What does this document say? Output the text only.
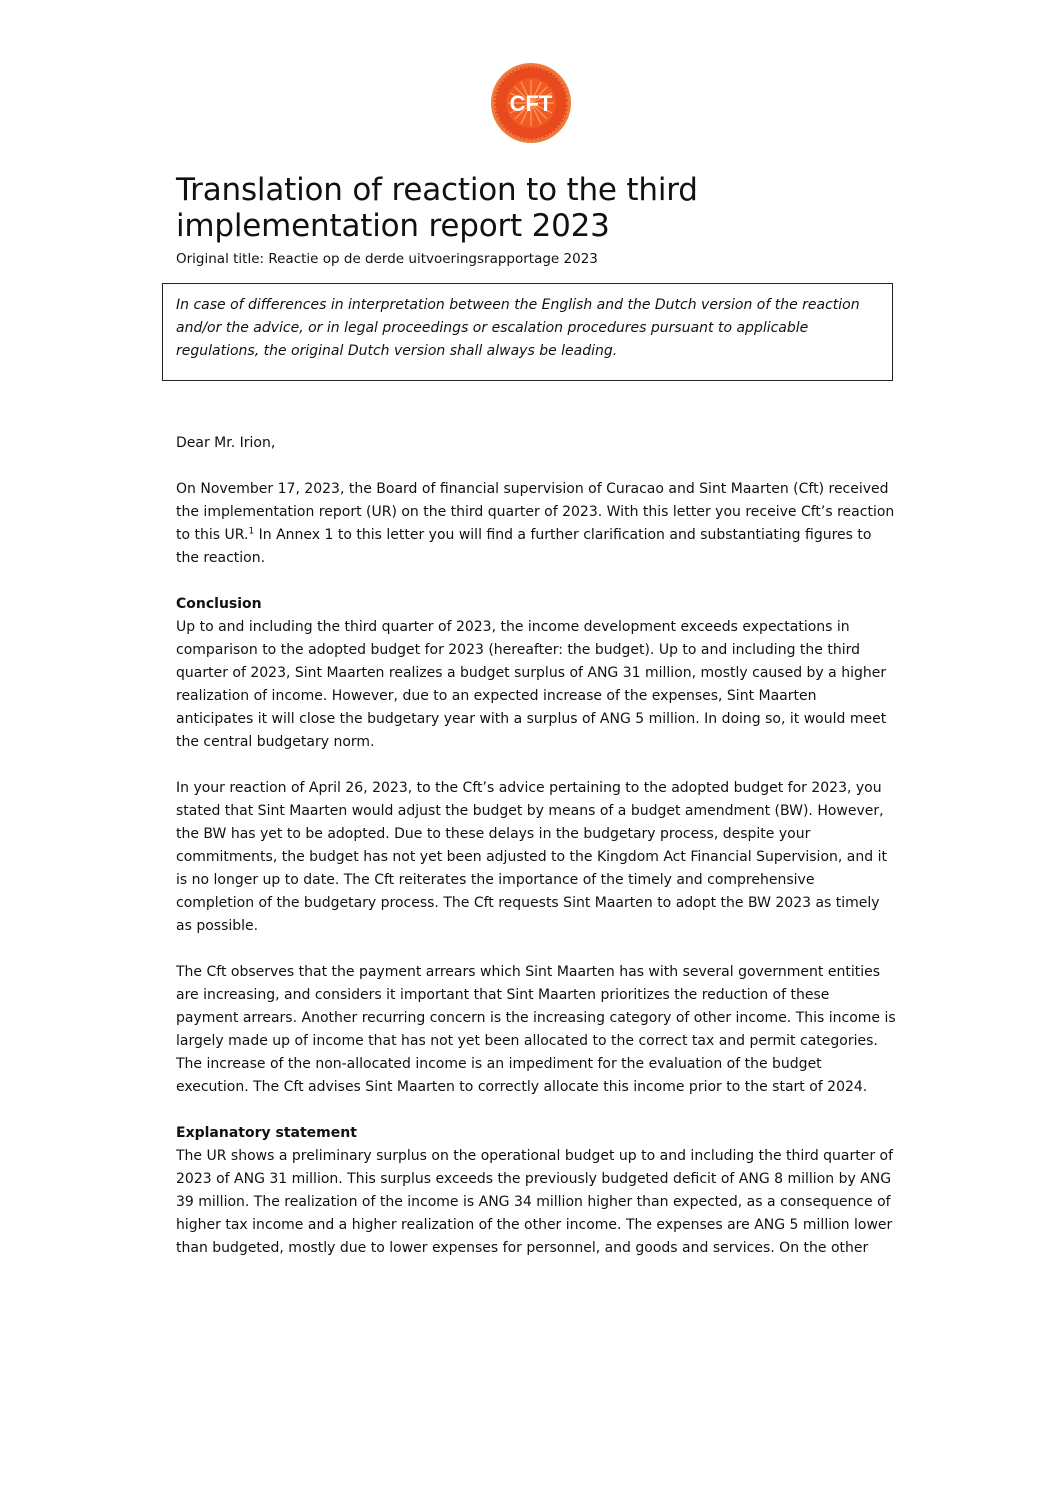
CFT
Translation of reaction to the third implementation report 2023
Original title: Reactie op de derde uitvoeringsrapportage 2023

In case of differences in interpretation between the English and the Dutch version of the reaction and/or the advice, or in legal proceedings or escalation procedures pursuant to applicable regulations, the original Dutch version shall always be leading.

Dear Mr. Irion,

On November 17, 2023, the Board of financial supervision of Curacao and Sint Maarten (Cft) received the implementation report (UR) on the third quarter of 2023. With this letter you receive Cft’s reaction to this UR.$^1$ In Annex 1 to this letter you will find a further clarification and substantiating figures to the reaction.

Conclusion

Up to and including the third quarter of 2023, the income development exceeds expectations in comparison to the adopted budget for 2023 (hereafter: the budget). Up to and including the third quarter of 2023, Sint Maarten realizes a budget surplus of ANG 31 million, mostly caused by a higher realization of income. However, due to an expected increase of the expenses, Sint Maarten anticipates it will close the budgetary year with a surplus of ANG 5 million. In doing so, it would meet the central budgetary norm.

In your reaction of April 26, 2023, to the Cft’s advice pertaining to the adopted budget for 2023, you stated that Sint Maarten would adjust the budget by means of a budget amendment (BW). However, the BW has yet to be adopted. Due to these delays in the budgetary process, despite your commitments, the budget has not yet been adjusted to the Kingdom Act Financial Supervision, and it is no longer up to date. The Cft reiterates the importance of the timely and comprehensive completion of the budgetary process. The Cft requests Sint Maarten to adopt the BW 2023 as timely as possible.

The Cft observes that the payment arrears which Sint Maarten has with several government entities are increasing, and considers it important that Sint Maarten prioritizes the reduction of these payment arrears. Another recurring concern is the increasing category of other income. This income is largely made up of income that has not yet been allocated to the correct tax and permit categories. The increase of the non-allocated income is an impediment for the evaluation of the budget execution. The Cft advises Sint Maarten to correctly allocate this income prior to the start of 2024.

Explanatory statement

The UR shows a preliminary surplus on the operational budget up to and including the third quarter of 2023 of ANG 31 million. This surplus exceeds the previously budgeted deficit of ANG 8 million by ANG 39 million. The realization of the income is ANG 34 million higher than expected, as a consequence of higher tax income and a higher realization of the other income. The expenses are ANG 5 million lower than budgeted, mostly due to lower expenses for personnel, and goods and services. On the other
